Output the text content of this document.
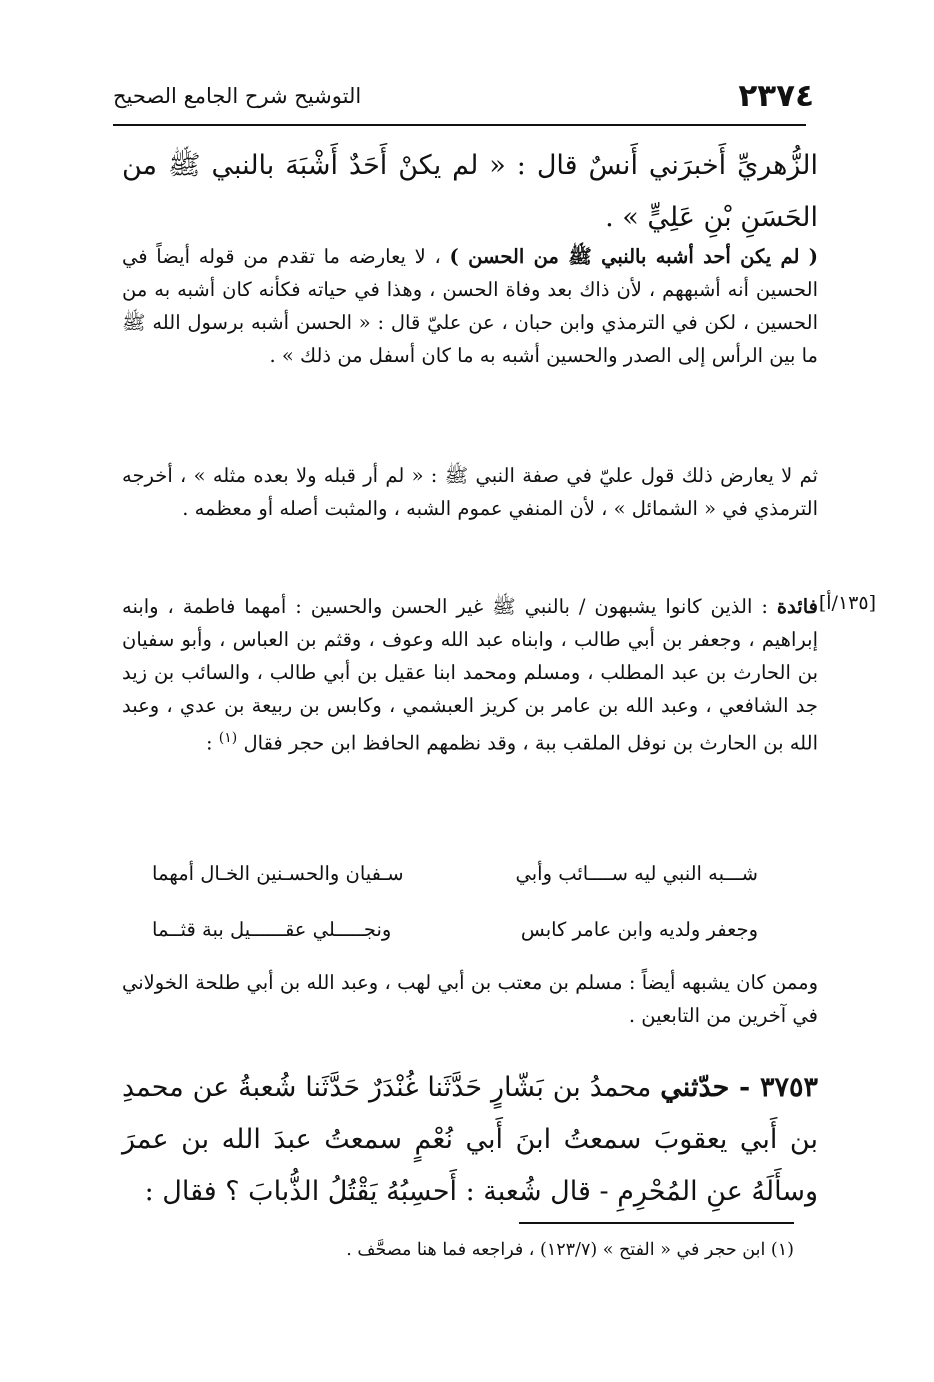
٢٣٧٤
التوشيح شرح الجامع الصحيح
الزُّهريِّ أَخبرَني أَنسٌ قال : « لم يكنْ أَحَدٌ أَشْبَهَ بالنبي ﷺ من الحَسَنِ بْنِ عَلِيٍّ » .
( لم يكن أحد أشبه بالنبي ﷺ من الحسن ) ، لا يعارضه ما تقدم من قوله أيضاً في الحسين أنه أشبههم ، لأن ذاك بعد وفاة الحسن ، وهذا في حياته فكأنه كان أشبه به من الحسين ، لكن في الترمذي وابن حبان ، عن عليّ قال : « الحسن أشبه برسول الله ﷺ ما بين الرأس إلى الصدر والحسين أشبه به ما كان أسفل من ذلك » .
ثم لا يعارض ذلك قول عليّ في صفة النبي ﷺ : « لم أر قبله ولا بعده مثله » ، أخرجه الترمذي في « الشمائل » ، لأن المنفي عموم الشبه ، والمثبت أصله أو معظمه .
[١٣٥/أ]
فائدة : الذين كانوا يشبهون / بالنبي ﷺ غير الحسن والحسين : أمهما فاطمة ، وابنه إبراهيم ، وجعفر بن أبي طالب ، وابناه عبد الله وعوف ، وقثم بن العباس ، وأبو سفيان بن الحارث بن عبد المطلب ، ومسلم ومحمد ابنا عقيل بن أبي طالب ، والسائب بن زيد جد الشافعي ، وعبد الله بن عامر بن كريز العبشمي ، وكابس بن ربيعة بن عدي ، وعبد الله بن الحارث بن نوفل الملقب ببة ، وقد نظمهم الحافظ ابن حجر فقال $^{(١)}$ :
شـــبه النبي ليه ســــائب وأبي
سـفيان والحسـنين الخـال أمهما
وجعفر ولديه وابن عامر كابس
ونجـــــلي عقــــــيل ببة قثــما
وممن كان يشبهه أيضاً : مسلم بن معتب بن أبي لهب ، وعبد الله بن أبي طلحة الخولاني في آخرين من التابعين .
٣٧٥٣ - حدّثني محمدُ بن بَشّارٍ حَدَّثَنا غُنْدَرٌ حَدَّثَنا شُعبةُ عن محمدِ بن أَبي يعقوبَ سمعتُ ابنَ أَبي نُعْمٍ سمعتُ عبدَ الله بن عمرَ وسأَلَهُ عنِ المُحْرِمِ - قال شُعبة : أَحسِبُهُ يَقْتُلُ الذُّبابَ ؟ فقال :
(١) ابن حجر في « الفتح » (١٢٣/٧) ، فراجعه فما هنا مصحَّف .
